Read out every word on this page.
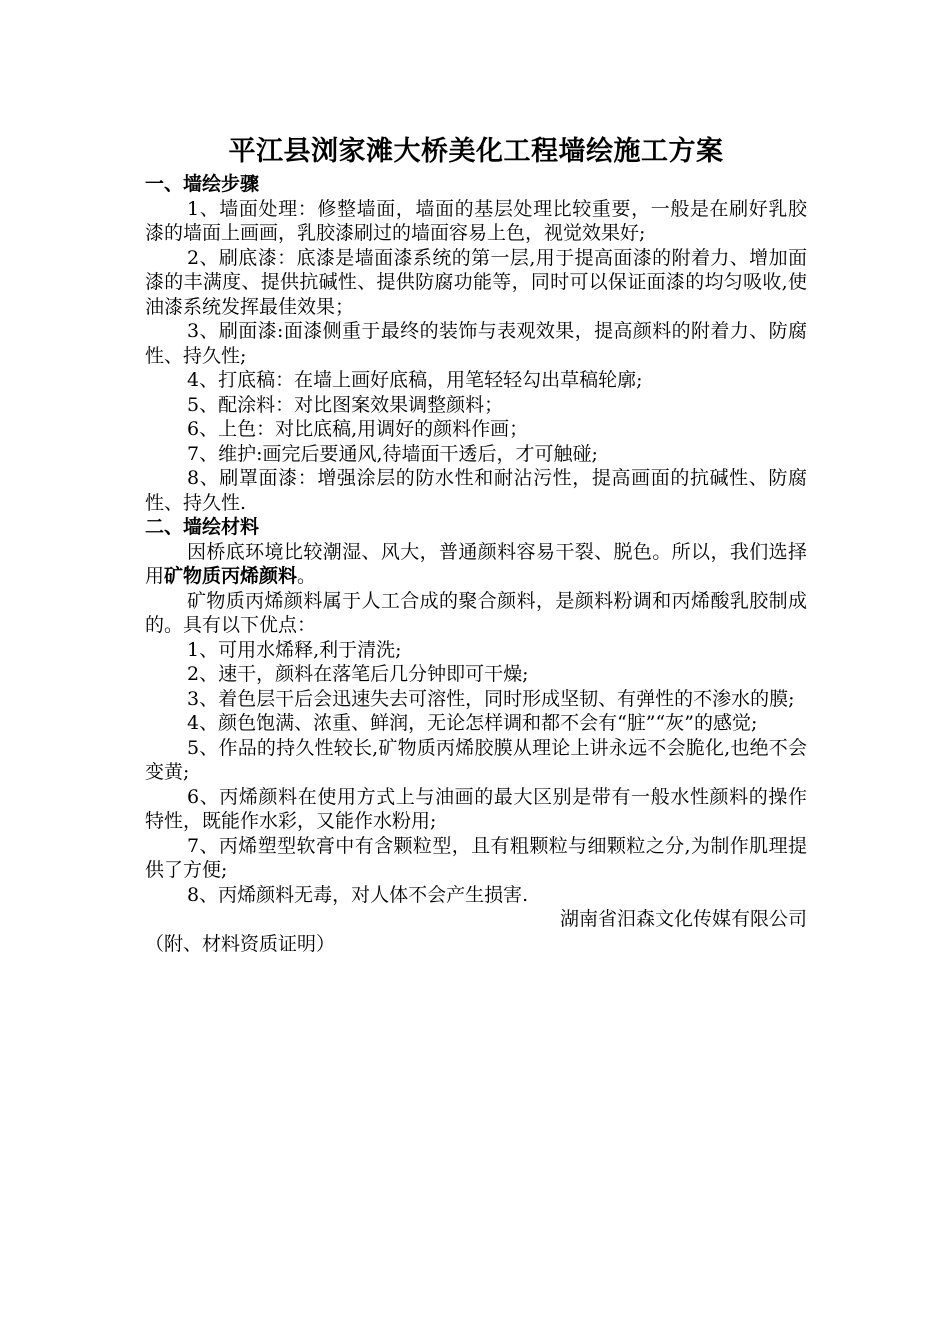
平江县浏家滩大桥美化工程墙绘施工方案
一、墙绘步骤

1、墙面处理：修整墙面，墙面的基层处理比较重要，一般是在刷好乳胶漆的墙面上画画，乳胶漆刷过的墙面容易上色，视觉效果好;

2、刷底漆：底漆是墙面漆系统的第一层,用于提高面漆的附着力、增加面漆的丰满度、提供抗碱性、提供防腐功能等，同时可以保证面漆的均匀吸收,使油漆系统发挥最佳效果；

3、刷面漆:面漆侧重于最终的装饰与表观效果，提高颜料的附着力、防腐性、持久性;

4、打底稿：在墙上画好底稿，用笔轻轻勾出草稿轮廓;

5、配涂料：对比图案效果调整颜料；

6、上色：对比底稿,用调好的颜料作画；

7、维护:画完后要通风,待墙面干透后，才可触碰;

8、刷罩面漆：增强涂层的防水性和耐沾污性，提高画面的抗碱性、防腐性、持久性.

二、墙绘材料

因桥底环境比较潮湿、风大，普通颜料容易干裂、脱色。所以，我们选择用矿物质丙烯颜料。

矿物质丙烯颜料属于人工合成的聚合颜料，是颜料粉调和丙烯酸乳胶制成的。具有以下优点：

1、可用水烯释,利于清洗;

2、速干，颜料在落笔后几分钟即可干燥;

3、着色层干后会迅速失去可溶性，同时形成坚韧、有弹性的不渗水的膜;

4、颜色饱满、浓重、鲜润，无论怎样调和都不会有“脏”“灰”的感觉;

5、作品的持久性较长,矿物质丙烯胶膜从理论上讲永远不会脆化,也绝不会变黄;

6、丙烯颜料在使用方式上与油画的最大区别是带有一般水性颜料的操作特性，既能作水彩，又能作水粉用;

7、丙烯塑型软膏中有含颗粒型，且有粗颗粒与细颗粒之分,为制作肌理提供了方便;

8、丙烯颜料无毒，对人体不会产生损害.

湖南省汨森文化传媒有限公司

（附、材料资质证明）
